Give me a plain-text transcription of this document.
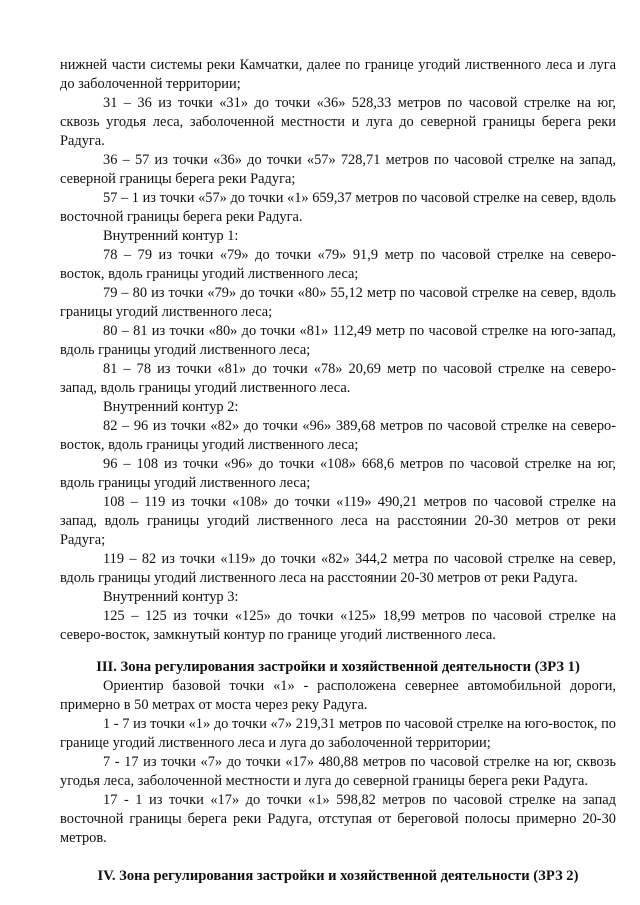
нижней части системы реки Камчатки, далее по границе угодий лиственного леса и луга до заболоченной территории;

31 – 36 из точки «31» до точки «36» 528,33 метров по часовой стрелке на юг, сквозь угодья леса, заболоченной местности и луга до северной границы берега реки Радуга.

36 – 57 из точки «36» до точки «57» 728,71 метров по часовой стрелке на запад, северной границы берега реки Радуга;

57 – 1 из точки «57» до точки «1» 659,37 метров по часовой стрелке на север, вдоль восточной границы берега реки Радуга.

Внутренний контур 1:

78 – 79 из точки «79» до точки «79» 91,9 метр по часовой стрелке на северо-восток, вдоль границы угодий лиственного леса;

79 – 80 из точки «79» до точки «80» 55,12 метр по часовой стрелке на север, вдоль границы угодий лиственного леса;

80 – 81 из точки «80» до точки «81» 112,49 метр по часовой стрелке на юго-запад, вдоль границы угодий лиственного леса;

81 – 78 из точки «81» до точки «78» 20,69 метр по часовой стрелке на северо-запад, вдоль границы угодий лиственного леса.

Внутренний контур 2:

82 – 96 из точки «82» до точки «96» 389,68 метров по часовой стрелке на северо-восток, вдоль границы угодий лиственного леса;

96 – 108 из точки «96» до точки «108» 668,6 метров по часовой стрелке на юг, вдоль границы угодий лиственного леса;

108 – 119 из точки «108» до точки «119» 490,21 метров по часовой стрелке на запад, вдоль границы угодий лиственного леса на расстоянии 20-30 метров от реки Радуга;

119 – 82 из точки «119» до точки «82» 344,2 метра по часовой стрелке на север, вдоль границы угодий лиственного леса на расстоянии 20-30 метров от реки Радуга.

Внутренний контур 3:

125 – 125 из точки «125» до точки «125» 18,99 метров по часовой стрелке на северо-восток, замкнутый контур по границе угодий лиственного леса.

III. Зона регулирования застройки и хозяйственной деятельности (ЗРЗ 1)

Ориентир базовой точки «1» - расположена севернее автомобильной дороги, примерно в 50 метрах от моста через реку Радуга.

1 - 7 из точки «1» до точки «7» 219,31 метров по часовой стрелке на юго-восток, по границе угодий лиственного леса и луга до заболоченной территории;

7 - 17 из точки «7» до точки «17» 480,88 метров по часовой стрелке на юг, сквозь угодья леса, заболоченной местности и луга до северной границы берега реки Радуга.

17 - 1 из точки «17» до точки «1» 598,82 метров по часовой стрелке на запад восточной границы берега реки Радуга, отступая от береговой полосы примерно 20-30 метров.

IV. Зона регулирования застройки и хозяйственной деятельности (ЗРЗ 2)
